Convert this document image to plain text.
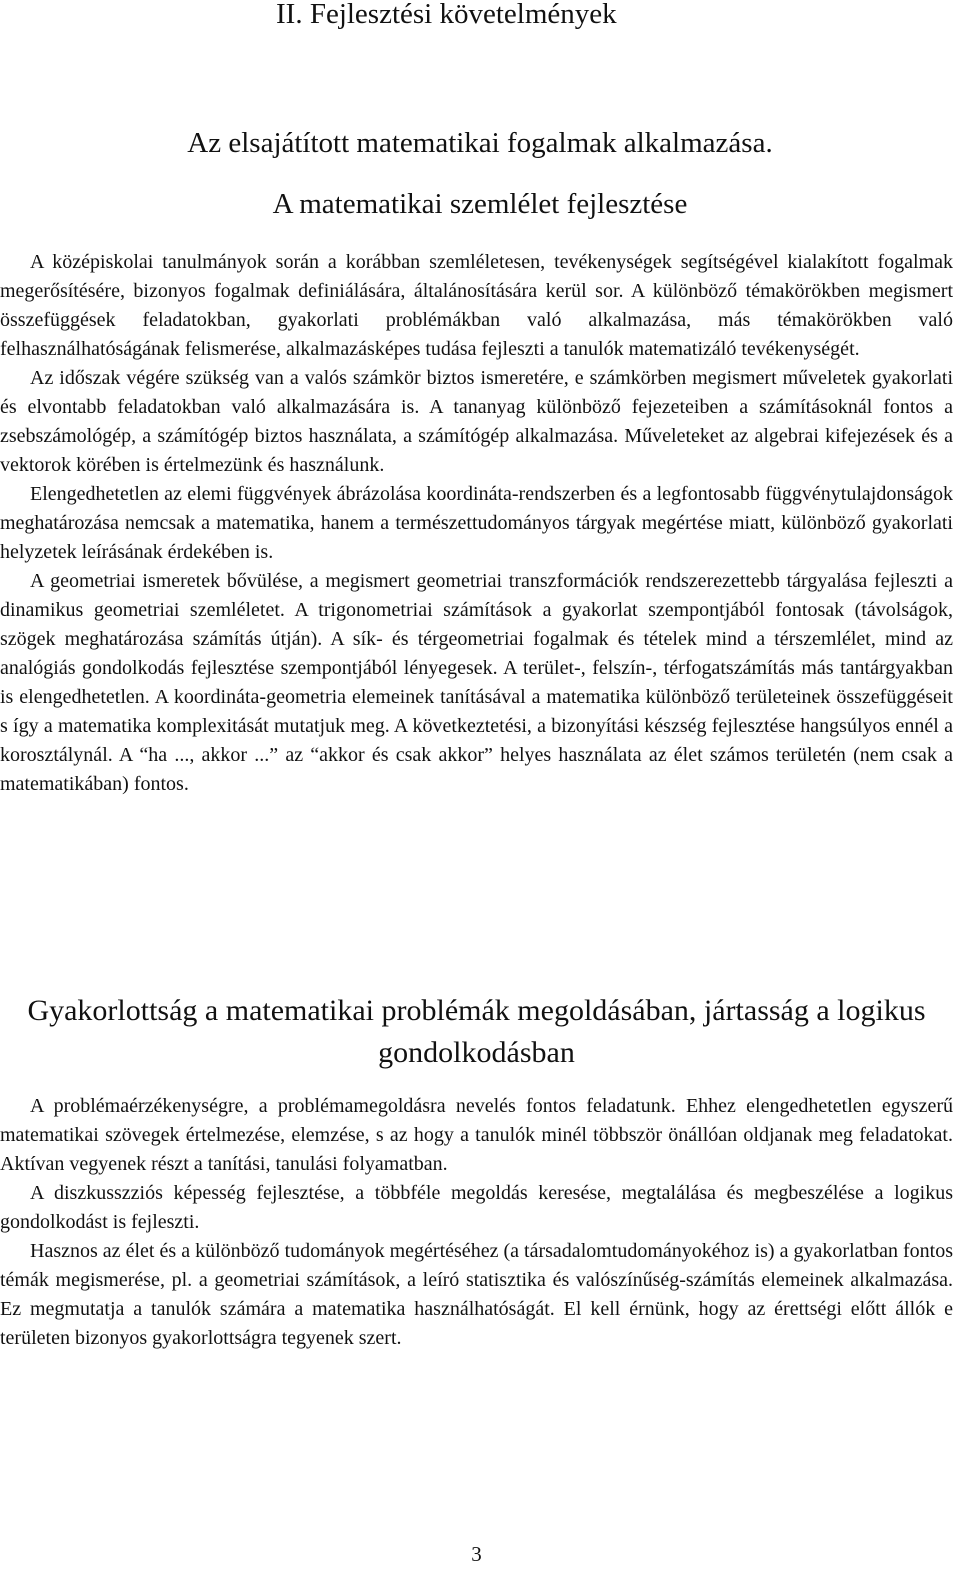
II. Fejlesztési követelmények
Az elsajátított matematikai fogalmak alkalmazása.
A matematikai szemlélet fejlesztése

A középiskolai tanulmányok során a korábban szemléletesen, tevékenységek segítségével kialakított fogalmak megerősítésére, bizonyos fogalmak definiálására, általánosítására kerül sor. A különböző témakörökben megismert összefüggések feladatokban, gyakorlati problémákban való alkalmazása, más témakörökben való felhasználhatóságának felismerése, alkalmazásképes tudása fejleszti a tanulók matematizáló tevékenységét.

Az időszak végére szükség van a valós számkör biztos ismeretére, e számkörben megismert műveletek gyakorlati és elvontabb feladatokban való alkalmazására is. A tananyag különböző fejezeteiben a számításoknál fontos a zsebszámológép, a számítógép biztos használata, a számítógép alkalmazása. Műveleteket az algebrai kifejezések és a vektorok körében is értelmezünk és használunk.

Elengedhetetlen az elemi függvények ábrázolása koordináta-rendszerben és a legfontosabb függvénytulajdonságok meghatározása nemcsak a matematika, hanem a természettudományos tárgyak megértése miatt, különböző gyakorlati helyzetek leírásának érdekében is.

A geometriai ismeretek bővülése, a megismert geometriai transzformációk rendszerezettebb tárgyalása fejleszti a dinamikus geometriai szemléletet. A trigonometriai számítások a gyakorlat szempontjából fontosak (távolságok, szögek meghatározása számítás útján). A sík- és térgeometriai fogalmak és tételek mind a térszemlélet, mind az analógiás gondolkodás fejlesztése szempontjából lényegesek. A terület-, felszín-, térfogatszámítás más tantárgyakban is elengedhetetlen. A koordináta-geometria elemeinek tanításával a matematika különböző területeinek összefüggéseit s így a matematika komplexitását mutatjuk meg. A következtetési, a bizonyítási készség fejlesztése hangsúlyos ennél a korosztálynál. A “ha ..., akkor ...” az “akkor és csak akkor” helyes használata az élet számos területén (nem csak a matematikában) fontos.

Gyakorlottság a matematikai problémák megoldásában, jártasság a logikus gondolkodásban

A problémaérzékenységre, a problémamegoldásra nevelés fontos feladatunk. Ehhez elengedhetetlen egyszerű matematikai szövegek értelmezése, elemzése, s az hogy a tanulók minél többször önállóan oldjanak meg feladatokat. Aktívan vegyenek részt a tanítási, tanulási folyamatban.

A diszkusszziós képesség fejlesztése, a többféle megoldás keresése, megtalálása és megbeszélése a logikus gondolkodást is fejleszti.

Hasznos az élet és a különböző tudományok megértéséhez (a társadalomtudományokéhoz is) a gyakorlatban fontos témák megismerése, pl. a geometriai számítások, a leíró statisztika és valószínűség-számítás elemeinek alkalmazása. Ez megmutatja a tanulók számára a matematika használhatóságát. El kell érnünk, hogy az érettségi előtt állók e területen bizonyos gyakorlottságra tegyenek szert.

3
